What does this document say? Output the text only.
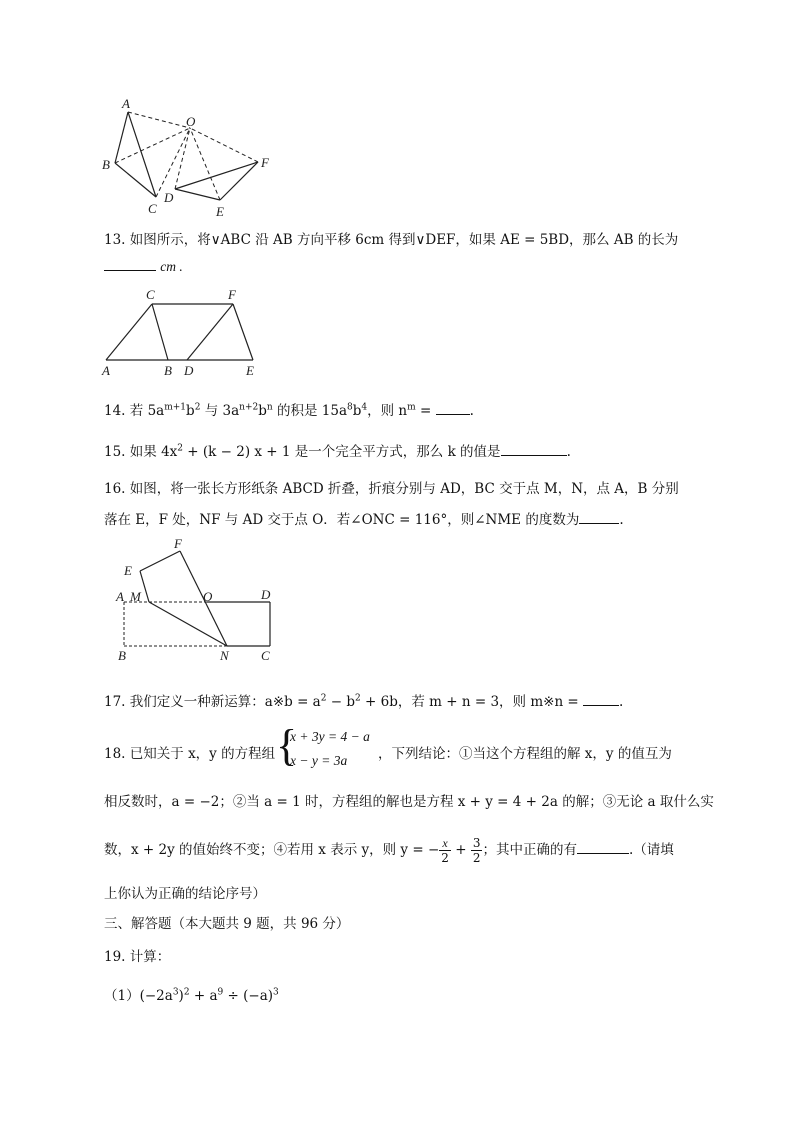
A
B
C
D
E
F
O
13. 如图所示，将∨ABC 沿 AB 方向平移 6cm 得到∨DEF，如果 AE = 5BD，那么 AB 的长为
cm .
C	F
A	B D	E
14. 若 $5a^{m+1}b^2$ 与 $3a^{n+2}b^n$ 的积是 $15a^8b^4$，则 $n^m$ =	.
15. 如果 $4x^2 + (k - 2) x + 1$ 是一个完全平方式，那么 k 的值是	.
16. 如图，将一张长方形纸条 ABCD 折叠，折痕分别与 AD，BC 交于点 M，N，点 A，B 分别
落在 E，F 处，NF 与 AD 交于点 O．若∠ONC = 116°，则∠NME 的度数为	.
F
E
A M	O	D
B	N C
17. 我们定义一种新运算：a※b = $a^2 - b^2 + 6b$，若 m + n = 3，则 m※n =	.
18. 已知关于 x，y 的方程组 {
x + 3y = 4 − a
x − y = 3a ，下列结论：①当这个方程组的解 x，y 的值互为
相反数时，a = −2；②当 a = 1 时，方程组的解也是方程 x + y = 4 + 2a 的解；③无论 a 取什么实
数，x + 2y 的值始终不变；④若用 x 表示 y，则 y = − $\frac{x}{2} + \frac{3}{2}$ ；其中正确的有	.（请填
上你认为正确的结论序号）
三、解答题（本大题共 9 题，共 96 分）
19. 计算：
$(1)(-2a^3)^2 + a^9 \div (-a)^3$
